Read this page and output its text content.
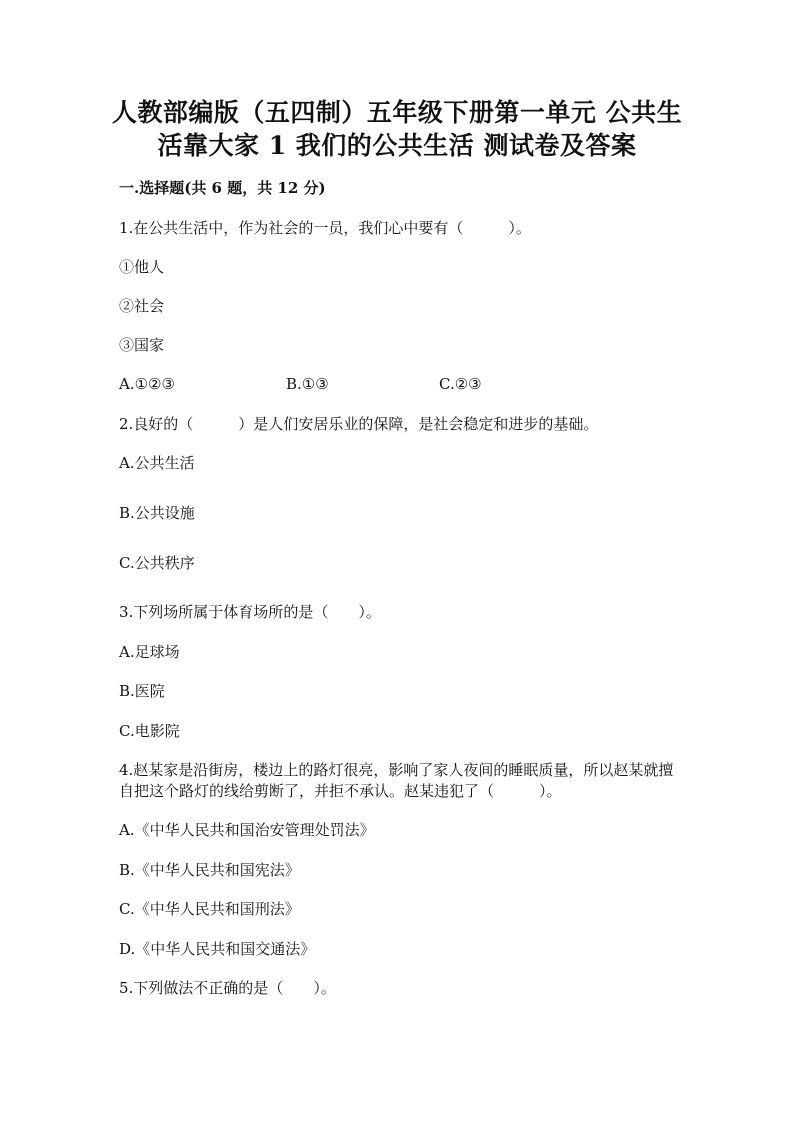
人教部编版（五四制）五年级下册第一单元 公共生
活靠大家 1 我们的公共生活 测试卷及答案
一.选择题(共 6 题，共 12 分)
1.在公共生活中，作为社会的一员，我们心中要有（　　　）。
①他人
②社会
③国家
A.①②③	B.①③	C.②③
2.良好的（　　　）是人们安居乐业的保障，是社会稳定和进步的基础。
A.公共生活
B.公共设施
C.公共秩序
3.下列场所属于体育场所的是（　　）。
A.足球场
B.医院
C.电影院
4.赵某家是沿街房，楼边上的路灯很亮，影响了家人夜间的睡眠质量，所以赵某就擅自把这个路灯的线给剪断了，并拒不承认。赵某违犯了（　　　）。
A.《中华人民共和国治安管理处罚法》
B.《中华人民共和国宪法》
C.《中华人民共和国刑法》
D.《中华人民共和国交通法》
5.下列做法不正确的是（　　）。
